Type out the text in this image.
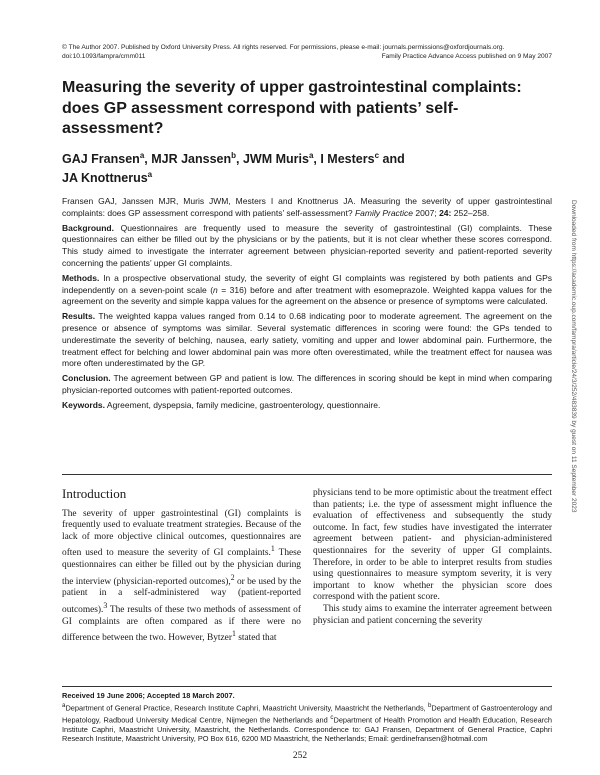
© The Author 2007. Published by Oxford University Press. All rights reserved. For permissions, please e-mail: journals.permissions@oxfordjournals.org.
doi:10.1093/fampra/cmm011	Family Practice Advance Access published on 9 May 2007
Measuring the severity of upper gastrointestinal complaints: does GP assessment correspond with patients’ self-assessment?
GAJ Fransen$^a$, MJR Janssen$^b$, JWM Muris$^a$, I Mesters$^c$ and
JA Knottnerus$^a$

Fransen GAJ, Janssen MJR, Muris JWM, Mesters I and Knottnerus JA. Measuring the severity of upper gastrointestinal complaints: does GP assessment correspond with patients’ self-assessment? Family Practice 2007; 24: 252–258.

Background. Questionnaires are frequently used to measure the severity of gastrointestinal (GI) complaints. These questionnaires can either be filled out by the physicians or by the patients, but it is not clear whether these scores correspond. This study aimed to investigate the interrater agreement between physician-reported severity and patient-reported severity concerning the patients’ upper GI complaints.

Methods. In a prospective observational study, the severity of eight GI complaints was registered by both patients and GPs independently on a seven-point scale (n = 316) before and after treatment with esomeprazole. Weighted kappa values for the agreement on the severity and simple kappa values for the agreement on the absence or presence of symptoms were calculated.

Results. The weighted kappa values ranged from 0.14 to 0.68 indicating poor to moderate agreement. The agreement on the presence or absence of symptoms was similar. Several systematic differences in scoring were found: the GPs tended to underestimate the severity of belching, nausea, early satiety, vomiting and upper and lower abdominal pain. Furthermore, the treatment effect for belching and lower abdominal pain was more often overestimated, while the treatment effect for nausea was more often underestimated by the GP.

Conclusion. The agreement between GP and patient is low. The differences in scoring should be kept in mind when comparing physician-reported outcomes with patient-reported outcomes.

Keywords. Agreement, dyspepsia, family medicine, gastroenterology, questionnaire.	Downloaded from https://academic.oup.com/fampra/article/24/3/252/483839 by guest on 11 September 2023
Introduction

The severity of upper gastrointestinal (GI) complaints is frequently used to evaluate treatment strategies. Because of the lack of more objective clinical outcomes, questionnaires are often used to measure the severity of GI complaints.$^1$ These questionnaires can either be filled out by the physician during the interview (physician-reported outcomes),$^2$ or be used by the patient in a self-administered way (patient-reported outcomes).$^3$ The results of these two methods of assessment of GI complaints are often compared as if there were no difference between the two. However, Bytzer$^1$ stated that

physicians tend to be more optimistic about the treatment effect than patients; i.e. the type of assessment might influence the evaluation of effectiveness and subsequently the study outcome. In fact, few studies have investigated the interrater agreement between patient- and physician-administered questionnaires for the severity of upper GI complaints. Therefore, in order to be able to interpret results from studies using questionnaires to measure symptom severity, it is very important to know whether the physician score does correspond with the patient score.

This study aims to examine the interrater agreement between physician and patient concerning the severity

Received 19 June 2006; Accepted 18 March 2007.

$^a$Department of General Practice, Research Institute Caphri, Maastricht University, Maastricht the Netherlands, $^b$Department of Gastroenterology and Hepatology, Radboud University Medical Centre, Nijmegen the Netherlands and $^c$Department of Health Promotion and Health Education, Research Institute Caphri, Maastricht University, Maastricht, the Netherlands. Correspondence to: GAJ Fransen, Department of General Practice, Caphri Research Institute, Maastricht University, PO Box 616, 6200 MD Maastricht, the Netherlands; Email: gerdinefransen@hotmail.com

252
